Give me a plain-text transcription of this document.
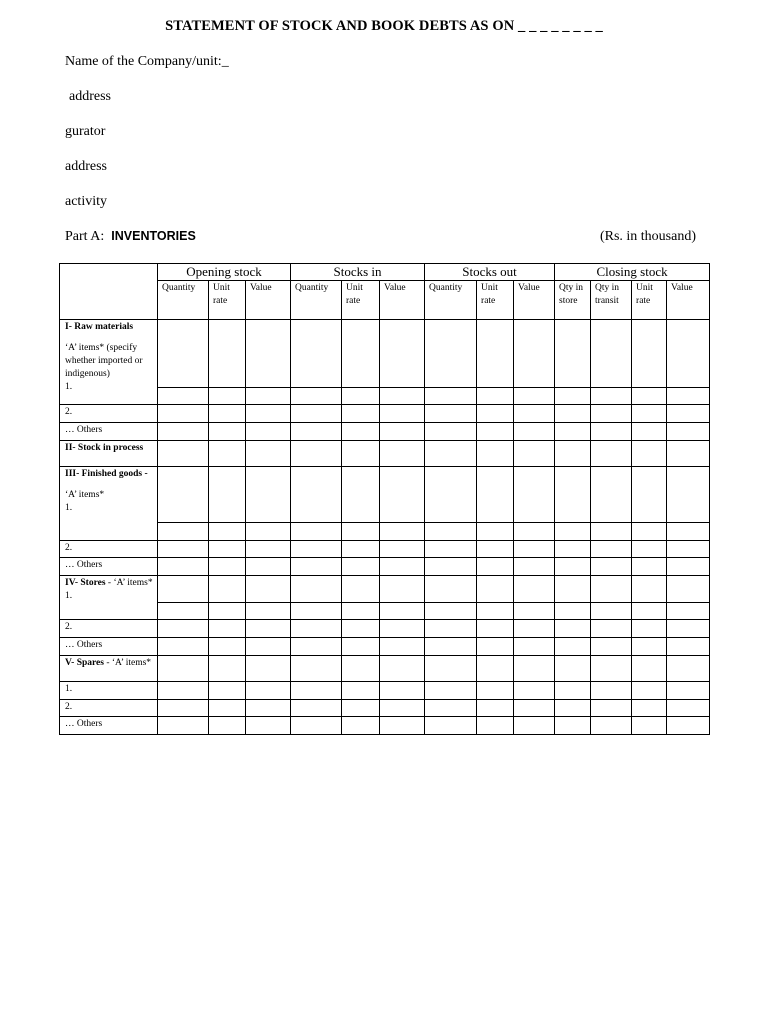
STATEMENT OF STOCK AND BOOK DEBTS AS ON _ _ _ _ _ _ _ _
Name of the Company/unit:_
address
gurator
address
activity
Part A: INVENTORIES	(Rs. in thousand)
	Opening stock			Stocks in			Stocks out			Closing stock			
	Quantity	Unit rate	Value	Quantity	Unit rate	Value	Quantity	Unit rate	Value	Qty in store	Qty in transit	Unit rate	Value
I- Raw materials
‘A’ items* (specify whether imported or indigenous)
1.													

2.													
… Others													
II- Stock in process													
III- Finished goods -
‘A’ items*
1.													

2.													
… Others													
IV- Stores - ‘A’ items*
1.													

2.													
… Others													
V- Spares - ‘A’ items*													
1.													
2.													
… Others													
